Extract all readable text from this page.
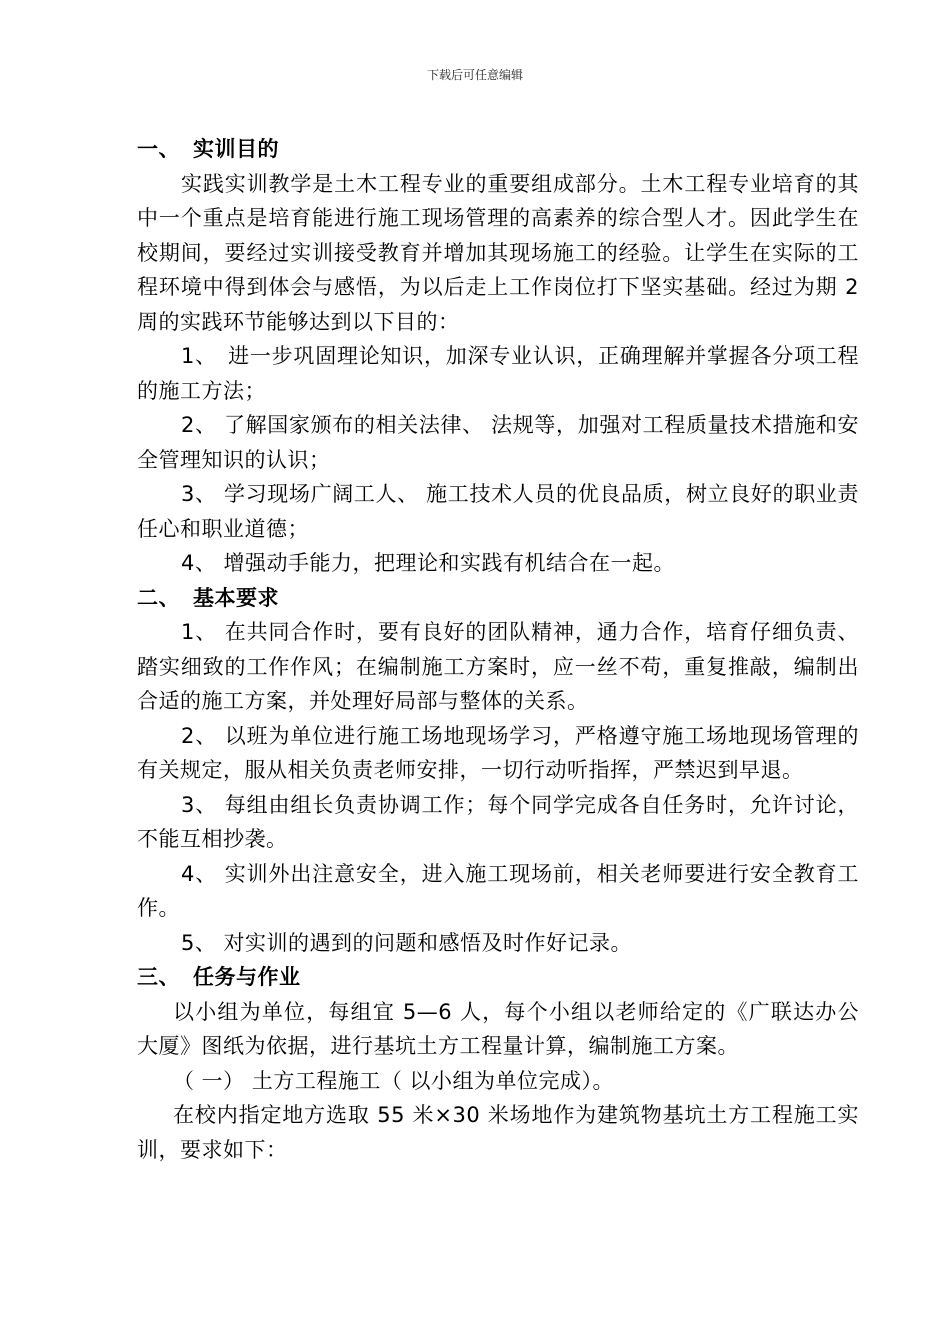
下载后可任意编辑

一、 实训目的

实践实训教学是土木工程专业的重要组成部分。土木工程专业培育的其中一个重点是培育能进行施工现场管理的高素养的综合型人才。因此学生在校期间，要经过实训接受教育并增加其现场施工的经验。让学生在实际的工程环境中得到体会与感悟，为以后走上工作岗位打下坚实基础。经过为期 2 周的实践环节能够达到以下目的：

1、　进一步巩固理论知识，加深专业认识，正确理解并掌握各分项工程的施工方法；

2、 了解国家颁布的相关法律、 法规等，加强对工程质量技术措施和安全管理知识的认识；

3、 学习现场广阔工人、 施工技术人员的优良品质，树立良好的职业责任心和职业道德；

4、 增强动手能力，把理论和实践有机结合在一起。

二、 基本要求

1、 在共同合作时，要有良好的团队精神，通力合作，培育仔细负责、 踏实细致的工作作风；在编制施工方案时，应一丝不苟，重复推敲，编制出合适的施工方案，并处理好局部与整体的关系。

2、 以班为单位进行施工场地现场学习，严格遵守施工场地现场管理的有关规定，服从相关负责老师安排，一切行动听指挥，严禁迟到早退。

3、 每组由组长负责协调工作；每个同学完成各自任务时，允许讨论，不能互相抄袭。

4、 实训外出注意安全，进入施工现场前，相关老师要进行安全教育工作。

5、 对实训的遇到的问题和感悟及时作好记录。

三、 任务与作业

以小组为单位，每组宜 5—6 人，每个小组以老师给定的《广联达办公大厦》图纸为依据，进行基坑土方工程量计算，编制施工方案。

（ 一） 土方工程施工（ 以小组为单位完成）。

在校内指定地方选取 55 米×30 米场地作为建筑物基坑土方工程施工实训，要求如下：
